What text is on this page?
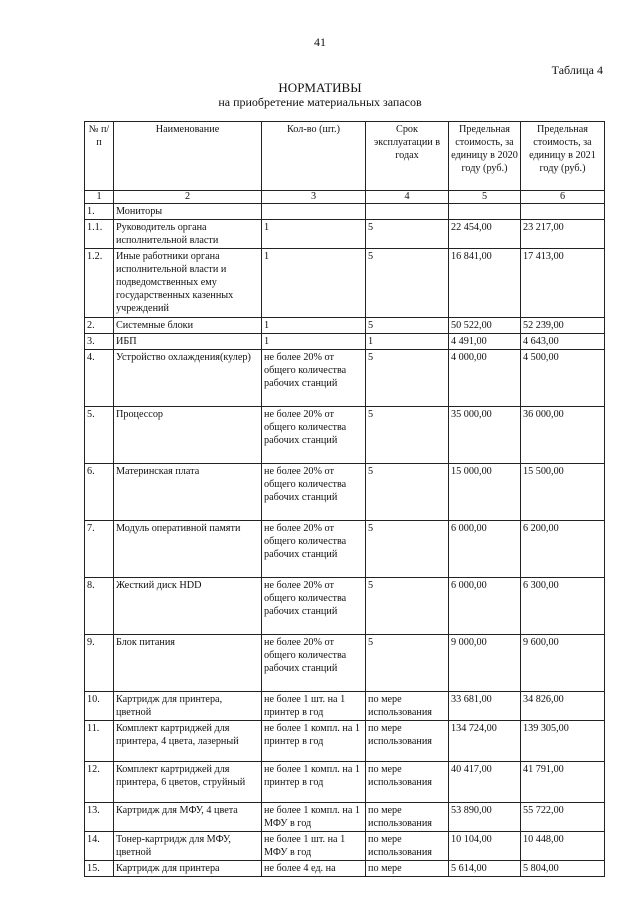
41
Таблица 4
НОРМАТИВЫ
на приобретение материальных запасов
№ п/п	Наименование	Кол-во (шт.)	Срок эксплуатации в годах	Предельная стоимость, за единицу в 2020 году (руб.)	Предельная стоимость, за единицу в 2021 году (руб.)
1	2	3	4	5	6
1.	Мониторы				
1.1.	Руководитель органа исполнительной власти	1	5	22 454,00	23 217,00
1.2.	Иные работники органа исполнительной власти и подведомственных ему государственных казенных учреждений	1	5	16 841,00	17 413,00
2.	Системные блоки	1	5	50 522,00	52 239,00
3.	ИБП	1	1	4 491,00	4 643,00
4.	Устройство охлаждения(кулер)	не более 20% от общего количества рабочих станций	5	4 000,00	4 500,00
5.	Процессор	не более 20% от общего количества рабочих станций	5	35 000,00	36 000,00
6.	Материнская плата	не более 20% от общего количества рабочих станций	5	15 000,00	15 500,00
7.	Модуль оперативной памяти	не более 20% от общего количества рабочих станций	5	6 000,00	6 200,00
8.	Жесткий диск HDD	не более 20% от общего количества рабочих станций	5	6 000,00	6 300,00
9.	Блок питания	не более 20% от общего количества рабочих станций	5	9 000,00	9 600,00
10.	Картридж для принтера, цветной	не более 1 шт. на 1 принтер в год	по мере использования	33 681,00	34 826,00
11.	Комплект картриджей для принтера, 4 цвета, лазерный	не более 1 компл. на 1 принтер в год	по мере использования	134 724,00	139 305,00
12.	Комплект картриджей для принтера, 6 цветов, струйный	не более 1 компл. на 1 принтер в год	по мере использования	40 417,00	41 791,00
13.	Картридж для МФУ, 4 цвета	не более 1 компл. на 1 МФУ в год	по мере использования	53 890,00	55 722,00
14.	Тонер-картридж для МФУ, цветной	не более 1 шт. на 1 МФУ в год	по мере использования	10 104,00	10 448,00
15.	Картридж для принтера	не более 4 ед. на	по мере	5 614,00	5 804,00
